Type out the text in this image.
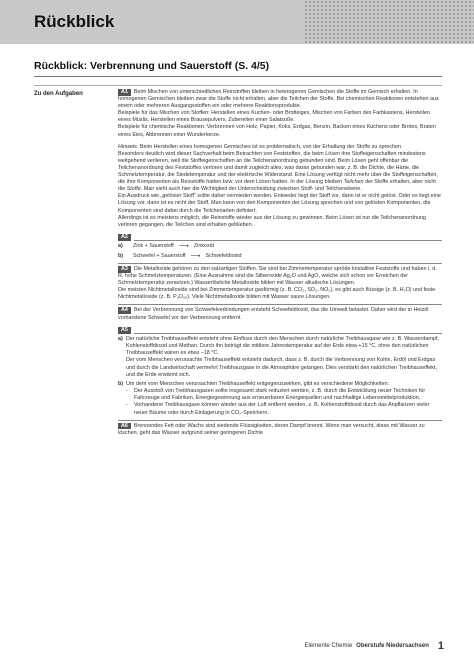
Rückblick
Rückblick: Verbrennung und Sauerstoff (S. 4/5)
Zu den Aufgaben	A1 Beim Mischen von unterschiedlichen Reinstoffen bleiben in heterogenen Gemischen die Stoffe im Gemisch erhalten. In homogenen Gemischen bleiben zwar die Stoffe nicht erhalten, aber die Teilchen der Stoffe. Bei chemischen Reaktionen entstehen aus einem oder mehreren Ausgangsstoffen ein oder mehrere Reaktionsprodukte.

Beispiele für das Mischen von Stoffen: Herstellen eines Kuchen- oder Brotteiges, Mischen von Farben des Farbkastens, Herstellen eines Müslis, Herstellen eines Brausepulvers, Zubereiten einer Salatsoße.

Beispiele für chemische Reaktionen: Verbrennen von Holz, Papier, Koks, Erdgas, Benzin, Backen eines Kuchens oder Brotes, Braten eines Eies, Abbrennen einer Wunderkerze.

Hinweis: Beim Herstellen eines homogenen Gemisches ist es problematisch, von der Erhaltung der Stoffe zu sprechen.

Besonders deutlich wird dieser Sachverhalt beim Betrachten von Feststoffen, die beim Lösen ihre Stoffeigenschaften mindestens weitgehend verlieren, weil die Stoffeigenschaften an die Teilchenanordnung gebunden sind. Beim Lösen geht offenbar die Teilchenanordnung des Feststoffes verloren und damit zugleich alles, was daran gebunden war, z. B. die Dichte, die Härte, die Schmelztemperatur, die Siedetemperatur und der elektrische Widerstand. Eine Lösung verfügt nicht mehr über die Stoffeigenschaften, die ihre Komponenten als Reinstoffe hatten bzw. vor dem Lösen hatten. In der Lösung bleiben Teilchen der Stoffe erhalten, aber nicht die Stoffe. Man sieht auch hier die Wichtigkeit der Unterscheidung zwischen Stoff- und Teilchenebene.

Ein Ausdruck wie „gelöster Stoff“ sollte daher vermieden werden. Entweder liegt der Stoff vor, dann ist er nicht gelöst. Oder es liegt eine Lösung vor, dann ist es nicht der Stoff. Man kann von den Komponenten der Lösung sprechen und von gelösten Komponenten, die Komponenten sind dabei durch die Teilchenarten definiert.

Allerdings ist es meistens möglich, die Reinstoffe wieder aus der Lösung zu gewinnen. Beim Lösen ist nur die Teilchenanordnung verloren gegangen, die Teilchen sind erhalten geblieben.

A2
a)	Zink + Sauerstoff ⟶ Zinkoxid
b)	Schwefel + Sauerstoff ⟶ Schwefeldioxid

A3 Die Metalloxide gehören zu den salzartigen Stoffen. Sie sind bei Zimmertemperatur spröde kristalline Feststoffe und haben i. d. R. hohe Schmelztemperaturen. (Eine Ausnahme sind die Silberoxide Ag₂O und AgO, welche sich schon vor Erreichen der Schmelztemperatur zersetzen.) Wasserlösliche Metalloxide bilden mit Wasser alkalische Lösungen.

Die meisten Nichtmetalloxide sind bei Zimmertemperatur gasförmig (z. B. CO₂, SO₂, NO₂), es gibt auch flüssige (z. B. H₂O) und feste Nichtmetalloxide (z. B. P₄O₁₀). Viele Nichtmetalloxide bilden mit Wasser saure Lösungen.

A4 Bei der Verbrennung von Schwefelverbindungen entsteht Schwefeldioxid, das die Umwelt belastet. Daher wird der in Heizöl vorhandene Schwefel vor der Verbrennung entfernt.

A5
a) Der natürliche Treibhauseffekt entsteht ohne Einfluss durch den Menschen durch natürliche Treibhausgase wie z. B. Wasserdampf, Kohlenstoffdioxid und Methan. Durch ihn beträgt die mittlere Jahrestemperatur auf der Erde etwa +15 °C, ohne den natürlichen Treibhauseffekt wären es etwa −18 °C.

Der vom Menschen verursachte Treibhauseffekt entsteht dadurch, dass z. B. durch die Verbrennung von Kohle, Erdöl und Erdgas und durch die Landwirtschaft vermehrt Treibhausgase in die Atmosphäre gelangen. Dies verstärkt den natürlichen Treibhauseffekt, und die Erde erwärmt sich.

b) Um dem vom Menschen verursachten Treibhauseffekt entgegenzuwirken, gibt es verschiedene Möglichkeiten:

-	Der Ausstoß von Treibhausgasen sollte insgesamt stark reduziert werden, z. B. durch die Entwicklung neuer Techniken für Fahrzeuge und Fabriken, Energiegewinnung aus erneuerbaren Energiequellen und nachhaltige Lebensmittelproduktion.
-	Vorhandene Treibhausgase können wieder aus der Luft entfernt werden, z. B. Kohlenstoffdioxid durch das Anpflanzen vieler neuer Bäume oder durch Einlagerung in CO₂-Speichern.

A6 Brennendes Fett oder Wachs sind siedende Flüssigkeiten, deren Dampf brennt. Wenn man versucht, diese mit Wasser zu löschen, geht das Wasser aufgrund seiner geringeren Dichte

Elemente Chemie Oberstufe Niedersachsen 1
